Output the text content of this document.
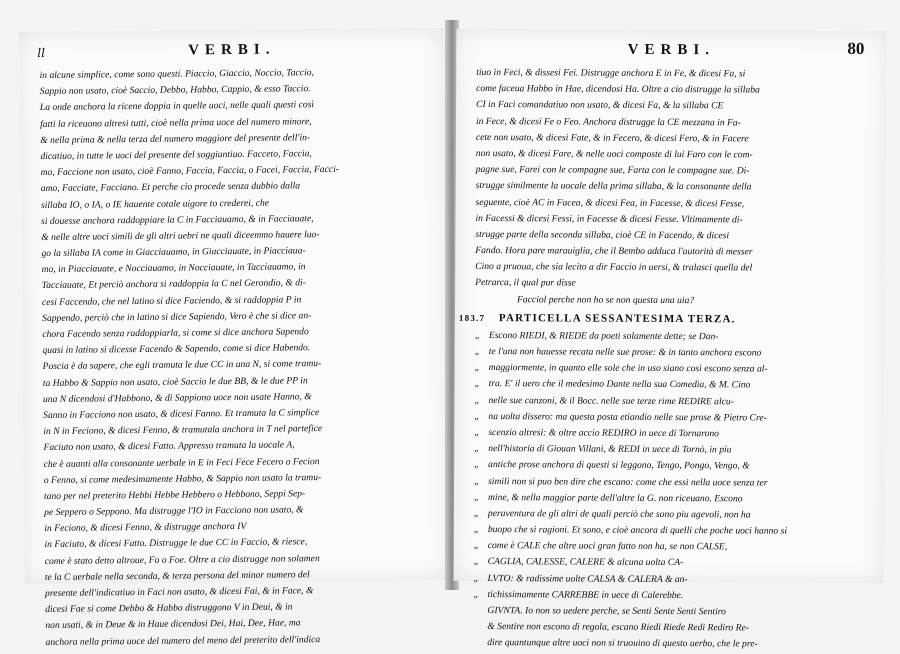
ll	VERBI.
in alcune simplice, come sono questi. Piaccio, Giaccio, Noccio, Taccio,
Sappio non usato, cioè Saccio, Debbo, Habbo, Cappio, & esso Taccio.
La onde anchora la ricene doppia in quelle uoci, nelle quali questi così
fatti la riceuono altresi tutti, cioè nella prima uoce del numero minore,
& nella prima & nella terza del numero maggiore del presente dell'in-
dicatiuo, in tutte le uoci del presente del soggiuntiuo. Facceto, Faccia,
mo, Faccione non usato, cioè Fanno, Faccia, Faccia, o Facei, Faccia, Facci-
amo, Facciate, Facciano. Et perche cio procede senza dubbio dalla
sillaba IO, o IA, o IE hauente cotale uigore to crederei, che
si douesse anchora raddoppiare la C in Facciauamo, & in Facciauate,
& nelle altre uoci simili de gli altri uebri ne quali diceemmo hauere luo-
go la sillaba IA come in Giacciauamo, in Giacciauate, in Piacciaua-
mo, in Piacciauate, e Nocciauamo, in Nocciauate, in Tacciauamo, in
Tacciauate, Et perciò anchora si raddoppia la C nel Gerondio, & di-
cesi Faccendo, che nel latino si dice Faciendo, & si raddoppia P in
Sappendo, perciò che in latino si dice Sapiendo, Vero è che si dice an-
chora Facendo senza raddoppiarla, si come si dice anchora Sapendo
quasi in latino si dicesse Facendo & Sapendo, come si dice Habendo.
Poscia è da sapere, che egli tramuta le due CC in una N, si come tramu-
ta Habbo & Sappio non usato, cioè Saccio le due BB, & le due PP in
una N dicendosi d'Habbono, & di Sappiono uoce non usate Hanno, &
Sanno in Facciono non usato, & dicesi Fanno. Et tramuta la C simplice
in N in Feciono, & dicesi Fenno, & tramutala anchora in T nel partefice
Faciuto non usato, & dicesi Fatto. Appresso tramuta la uocale A,
che è auanti alla consonante uerbale in E in Feci Fece Fecero o Fecion
o Fenno, si come medesimamente Habbo, & Sappio non usato la tramu-
tano per nel preterito Hebbi Hebbe Hebbero o Hebbono, Seppi Sep-
pe Seppero o Seppono. Ma distrugge l'IO in Facciono non usato, &
in Feciono, & dicesi Fenno, & distrugge anchora IV
in Faciuto, & dicesi Fatto. Distrugge le due CC in Faccio, & riesce,
come è stato detto altroue, Fo o Foe. Oltre a cio distrugge non solamen
te la C uerbale nella seconda, & terza persona del minor numero del
presente dell'indicatiuo in Faci non usato, & dicesi Fai, & in Face, &
dicesi Fae si come Debbo & Habbo distruggono V in Deui, & in
non usati, & in Deue & in Haue dicendosi Dei, Hai, Dee, Hae, ma
anchora nella prima uoce del numero del meno del preterito dell'indica
VERBI.	80
tiuo in Feci, & dissesi Fei. Distrugge anchora E in Fe, & dicesi Fa, si
come faceua Habbo in Hae, dicendosi Ha. Oltre a cio distrugge la sillaba
CI in Faci comandatiuo non usato, & dicesi Fa, & la sillaba CE
in Fece, & dicesi Fe o Feo. Anchora distrugge la CE mezzana in Fa-
cete non usato, & dicesi Fate, & in Fecero, & dicesi Fero, & in Facere
non usato, & dicesi Fare, & nelle uoci composte di lui Faro con le com-
pagne sue, Farei con le compagne sue, Farta con le compagne sue. Di-
strugge similmente la uocale della prima sillaba, & la consonante della
seguente, cioè AC in Facea, & dicesi Fea, in Facesse, & dicesi Fesse,
in Facessi & dicesi Fessi, in Facesse & dicesi Fesse. Vltimamente di-
strugge parte della seconda sillaba, cioè CE in Facendo, & dicesi
Fando. Hora pare marauiglia, che il Bembo adduca l'autorità di messer
Cino a pruoua, che sia lecito a dir Faccio in uersi, & tralasci quella del
Petrarca, il qual pur disse
Facciol perche non ho se non questa una uia?
183.7 PARTICELLA SESSANTESIMA TERZA.
„ Escono RIEDI, & RIEDE da poeti solamente dette; se Dan-
„ te l'una non hauesse recata nelle sue prose: & in tanto anchora escono
„ maggiormente, in quanto elle sole che in uso siano così escono senza al-
„ tra. E' il uero che il medesimo Dante nella sua Comedia, & M. Cino
„ nelle sue canzoni, & il Bocc. nelle sue terze rime REDIRE alcu-
„ na uolta dissero: ma questa posta etiandio nelle sue prose & Pietro Cre-
„ scenzio altresi: & oltre accio REDIRO in uece di Tornarono
„ nell'historia di Giouan Villani, & REDI in uece di Tornò, in piu
„ antiche prose anchora di questi si leggono, Tengo, Pongo, Vengo, &
„ simili non si puo ben dire che escano: come che essi nella uoce senza ter
„ mine, & nella maggior parte dell'altre la G. non riceuano. Escono
„ peraventura de gli altri de quali perciò che sono piu agevoli, non ha
„ buopo che si ragioni. Et sono, e cioè ancora di quelli che poche uoci hanno si
„ come è CALE che altre uoci gran fatto non ha, se non CALSE,
„ CAGLIA, CALESSE, CALERE & alcuna uolta CA-
„ LVTO: & radissime uolte CALSA & CALERA & an-
„ tichissimamente CARREBBE in uece di Calerebbe.
GIVNTA. Io non so uedere perche, se Senti Sente Senti Sentiro
& Sentire non escono di regola, escano Riedi Riede Redi Rediro Re-
dire quantunque altre uoci non si truouino di questo uerbo, che le pre-
